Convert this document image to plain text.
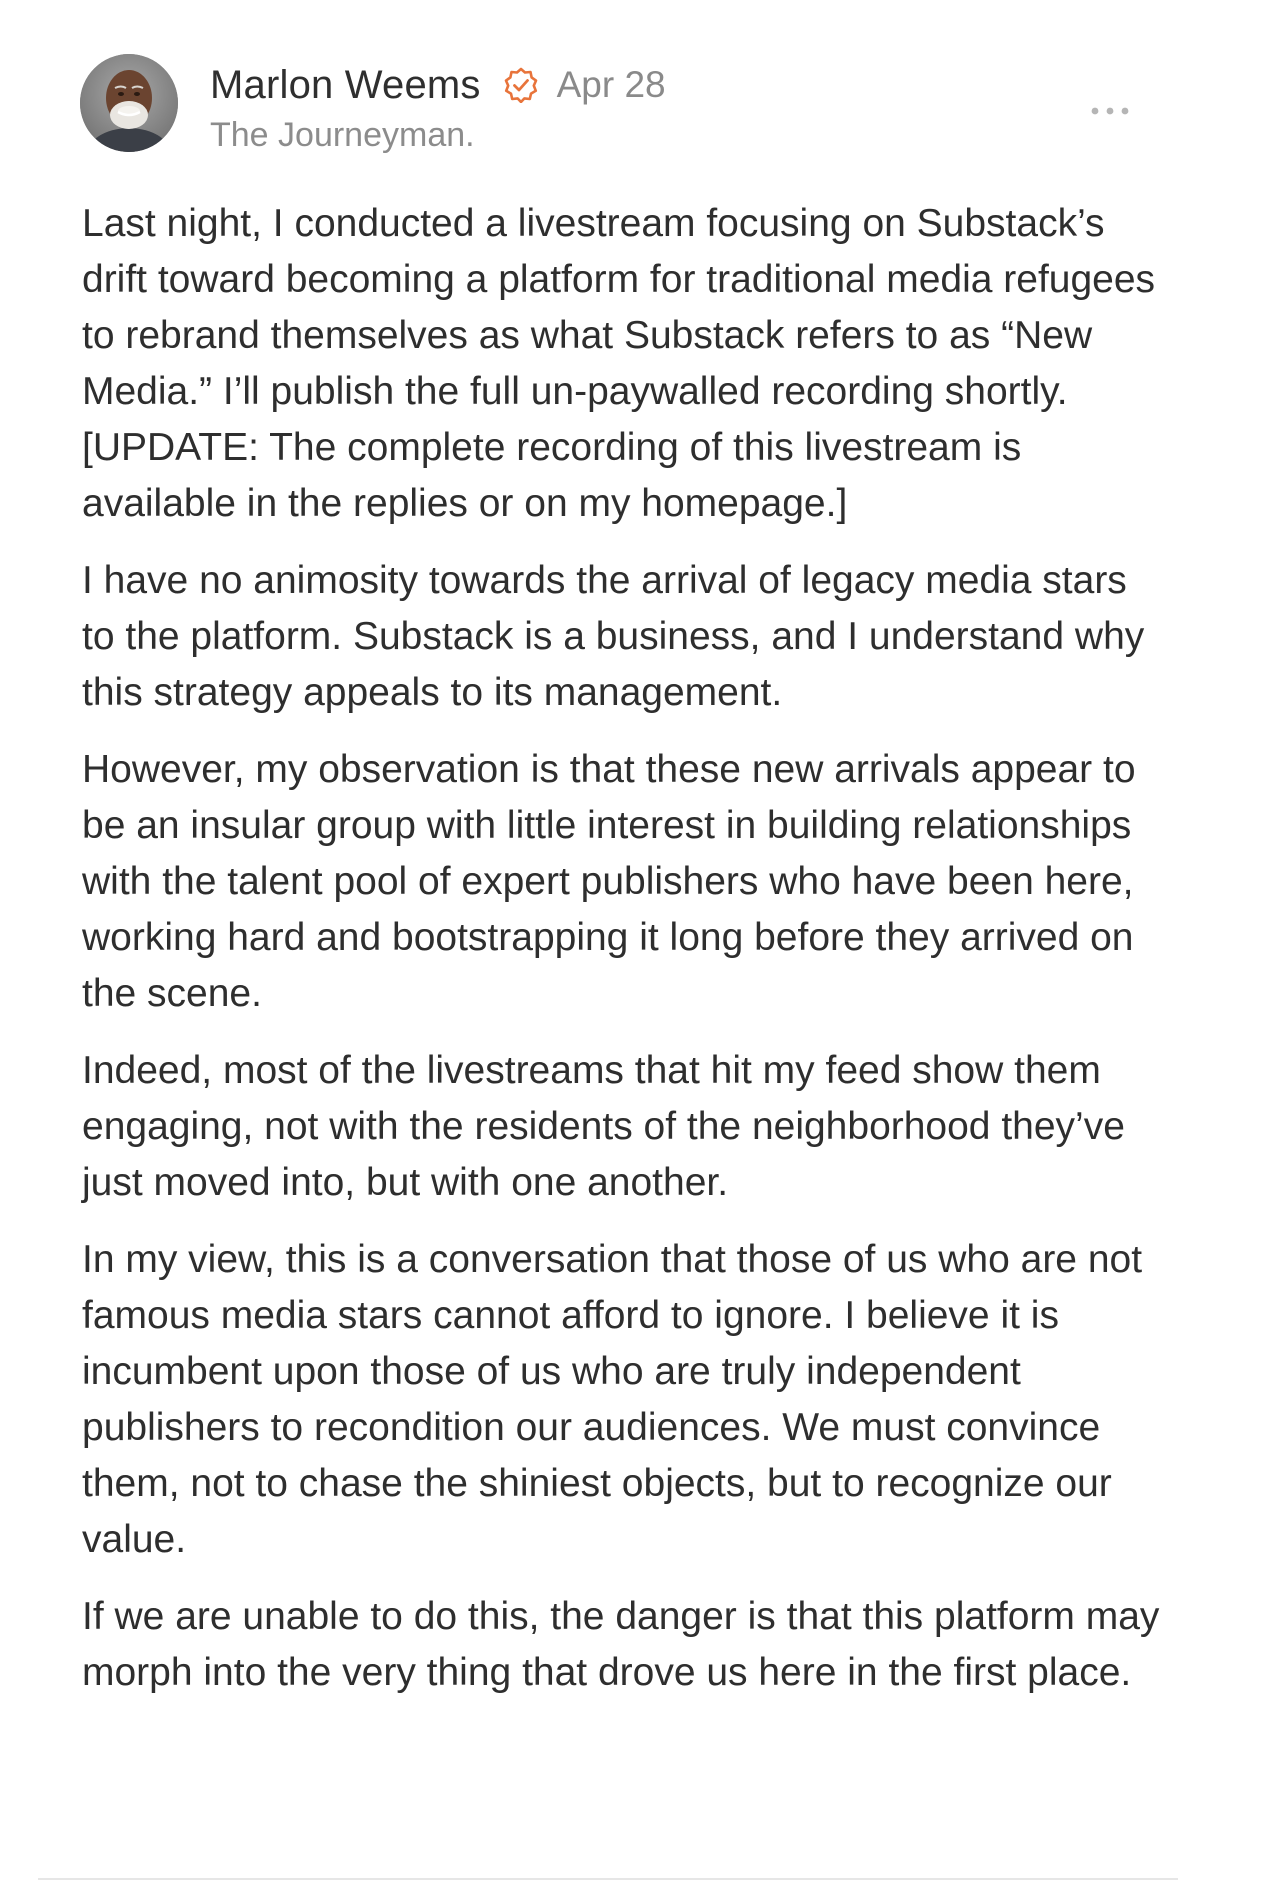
Marlon Weems Apr 28
The Journeyman.

Last night, I conducted a livestream focusing on Substack’s drift toward becoming a platform for traditional media refugees to rebrand themselves as what Substack refers to as “New Media.” I’ll publish the full un-paywalled recording shortly. [UPDATE: The complete recording of this livestream is available in the replies or on my homepage.]

I have no animosity towards the arrival of legacy media stars to the platform. Substack is a business, and I understand why this strategy appeals to its management.

However, my observation is that these new arrivals appear to be an insular group with little interest in building relationships with the talent pool of expert publishers who have been here, working hard and bootstrapping it long before they arrived on the scene.

Indeed, most of the livestreams that hit my feed show them engaging, not with the residents of the neighborhood they’ve just moved into, but with one another.

In my view, this is a conversation that those of us who are not famous media stars cannot afford to ignore. I believe it is incumbent upon those of us who are truly independent publishers to recondition our audiences. We must convince them, not to chase the shiniest objects, but to recognize our value.

If we are unable to do this, the danger is that this platform may morph into the very thing that drove us here in the first place.
